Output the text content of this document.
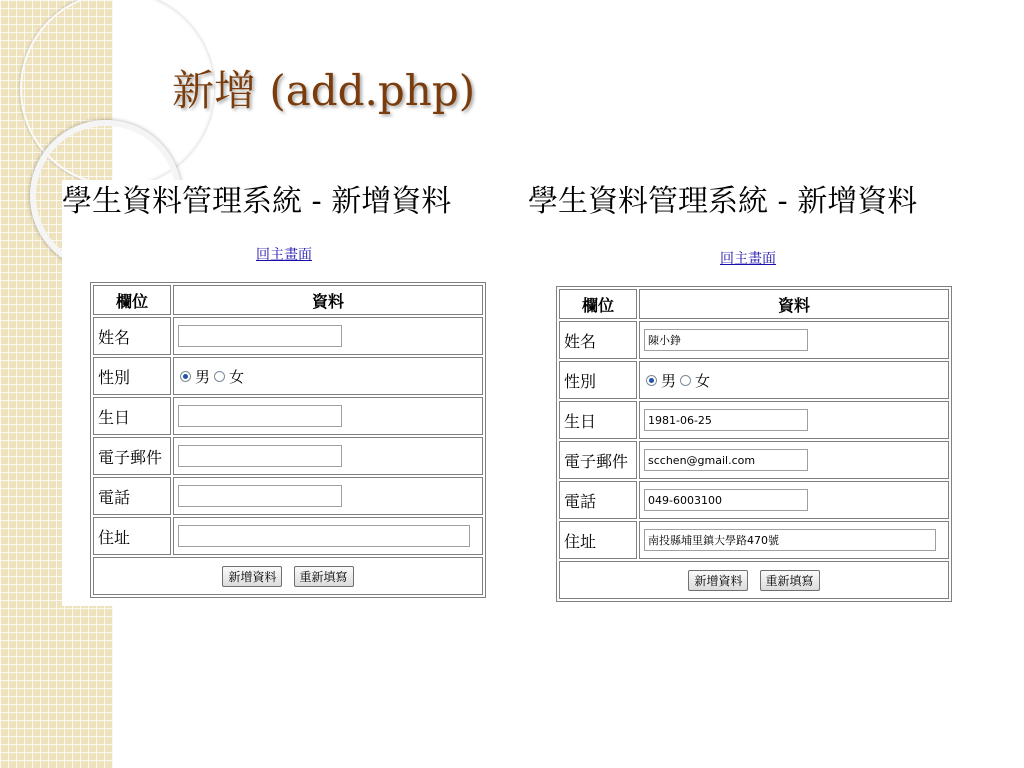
新增 (add.php)
學生資料管理系統 - 新增資料
回主畫面
欄位	資料
姓名	
性別	男 女

生日	
電子郵件	
電話	
住址	
新增資料 重新填寫	
學生資料管理系統 - 新增資料
回主畫面
欄位	資料
姓名	陳小錚
性別	男 女

生日	1981-06-25
電子郵件	scchen@gmail.com
電話	049-6003100
住址	南投縣埔里鎮大學路470號
新增資料 重新填寫	
